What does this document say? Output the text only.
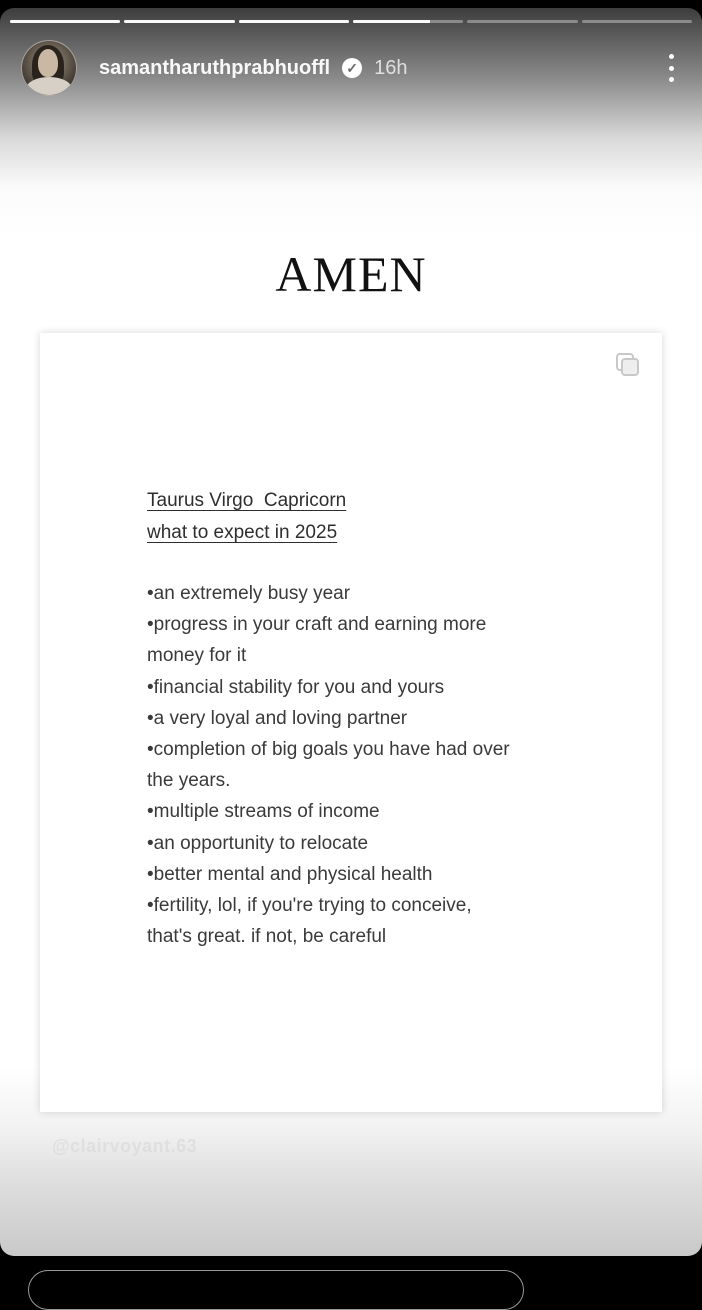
samantharuthprabhuoffl ✓ 16h
AMEN
Taurus Virgo  Capricorn
what to expect in 2025
•an extremely busy year
•progress in your craft and earning more
money for it
•financial stability for you and yours
•a very loyal and loving partner
•completion of big goals you have had over
the years.
•multiple streams of income
•an opportunity to relocate
•better mental and physical health
•fertility, lol, if you're trying to conceive,
that's great. if not, be careful
@clairvoyant.63
